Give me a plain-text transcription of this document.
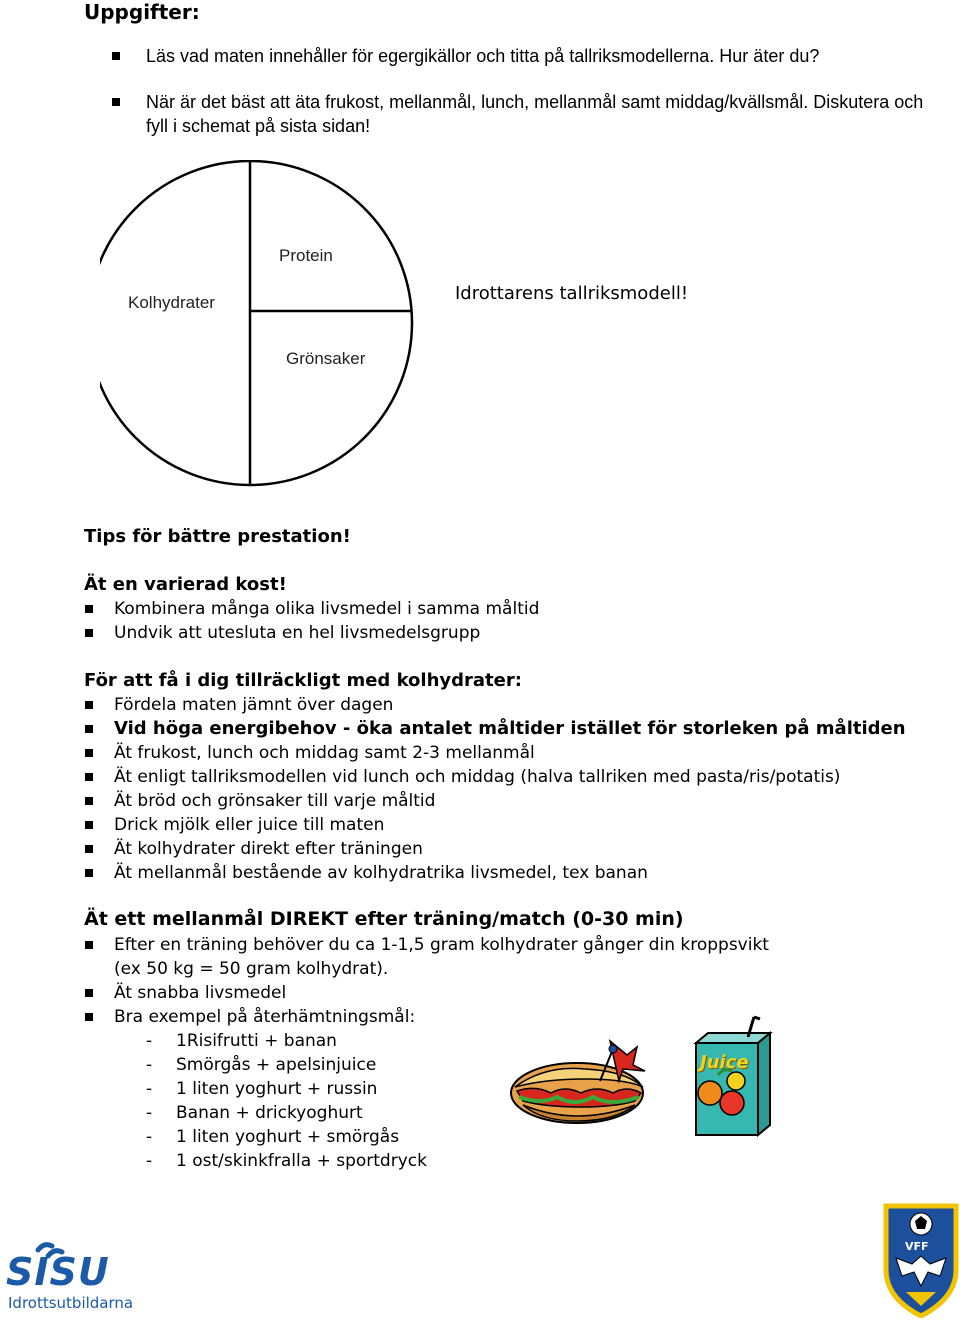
Uppgifter:
Läs vad maten innehåller för egergikällor och titta på tallriksmodellerna. Hur äter du?
När är det bäst att äta frukost, mellanmål, lunch, mellanmål samt middag/kvällsmål. Diskutera och fyll i schemat på sista sidan!
Protein
Kolhydrater
Grönsaker
Idrottarens tallriksmodell!
Tips för bättre prestation!
Ät en varierad kost!
Kombinera många olika livsmedel i samma måltid
Undvik att utesluta en hel livsmedelsgrupp
För att få i dig tillräckligt med kolhydrater:
Fördela maten jämnt över dagen
Vid höga energibehov - öka antalet måltider istället för storleken på måltiden
Ät frukost, lunch och middag samt 2-3 mellanmål
Ät enligt tallriksmodellen vid lunch och middag (halva tallriken med pasta/ris/potatis)
Ät bröd och grönsaker till varje måltid
Drick mjölk eller juice till maten
Ät kolhydrater direkt efter träningen
Ät mellanmål bestående av kolhydratrika livsmedel, tex banan
Ät ett mellanmål DIREKT efter träning/match (0-30 min)
Efter en träning behöver du ca 1-1,5 gram kolhydrater gånger din kroppsvikt
(ex 50 kg = 50 gram kolhydrat).
Ät snabba livsmedel
Bra exempel på återhämtningsmål:
- 1Risifrutti + banan
- Smörgås + apelsinjuice
- 1 liten yoghurt + russin
- Banan + drickyoghurt
- 1 liten yoghurt + smörgås
- 1 ost/skinkfralla + sportdryck
Juice
SISU
Idrottsutbildarna
VFF
